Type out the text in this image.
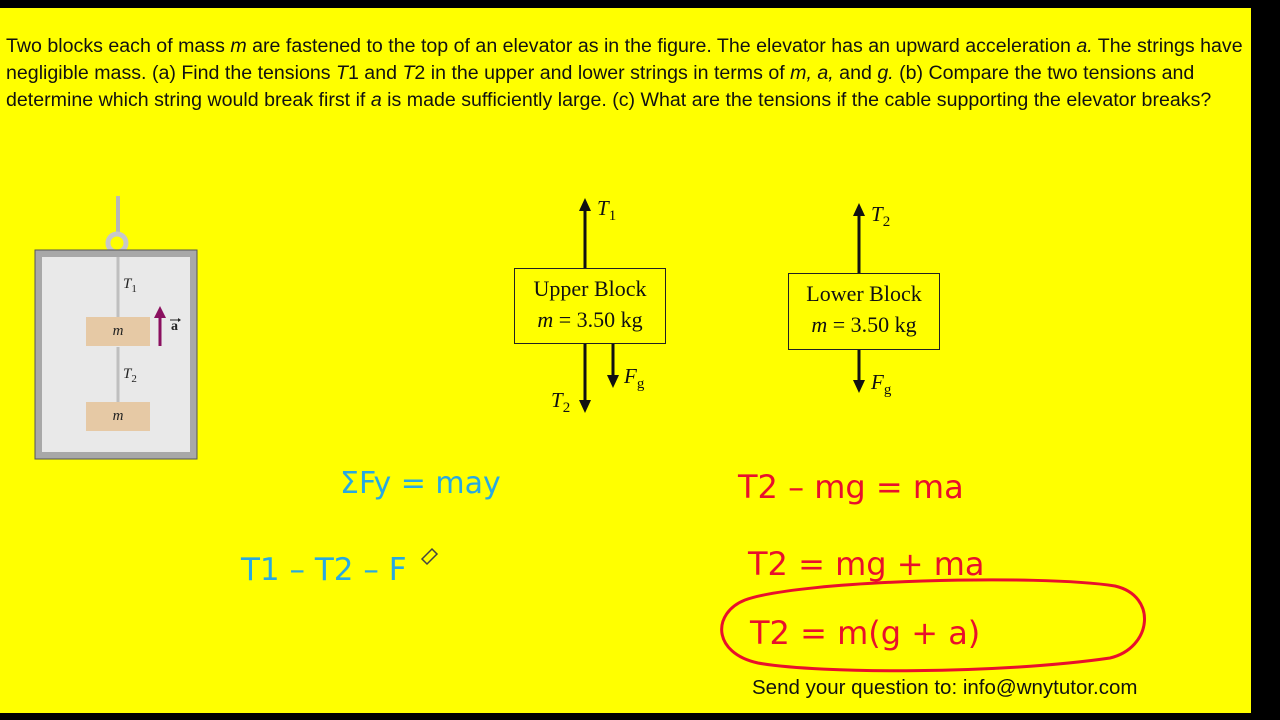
Two blocks each of mass m are fastened to the top of an elevator as in the figure. The elevator has an upward acceleration a. The strings have negligible mass. (a) Find the tensions T1 and T2 in the upper and lower strings in terms of m, a, and g. (b) Compare the two tensions and determine which string would break first if a is made sufficiently large. (c) What are the tensions if the cable supporting the elevator breaks?

ΣFy = may
T1 – T2 – F
T2 – mg = ma
T2 = mg + ma
T2 = m(g + a)
$T_1$
$T_2$
m
m
a
Upper Block
m = 3.50 kg
$T_1$
$T_2$
$F_g$
Lower Block
m = 3.50 kg
$T_2$
$F_g$

Send your question to: info@wnytutor.com
